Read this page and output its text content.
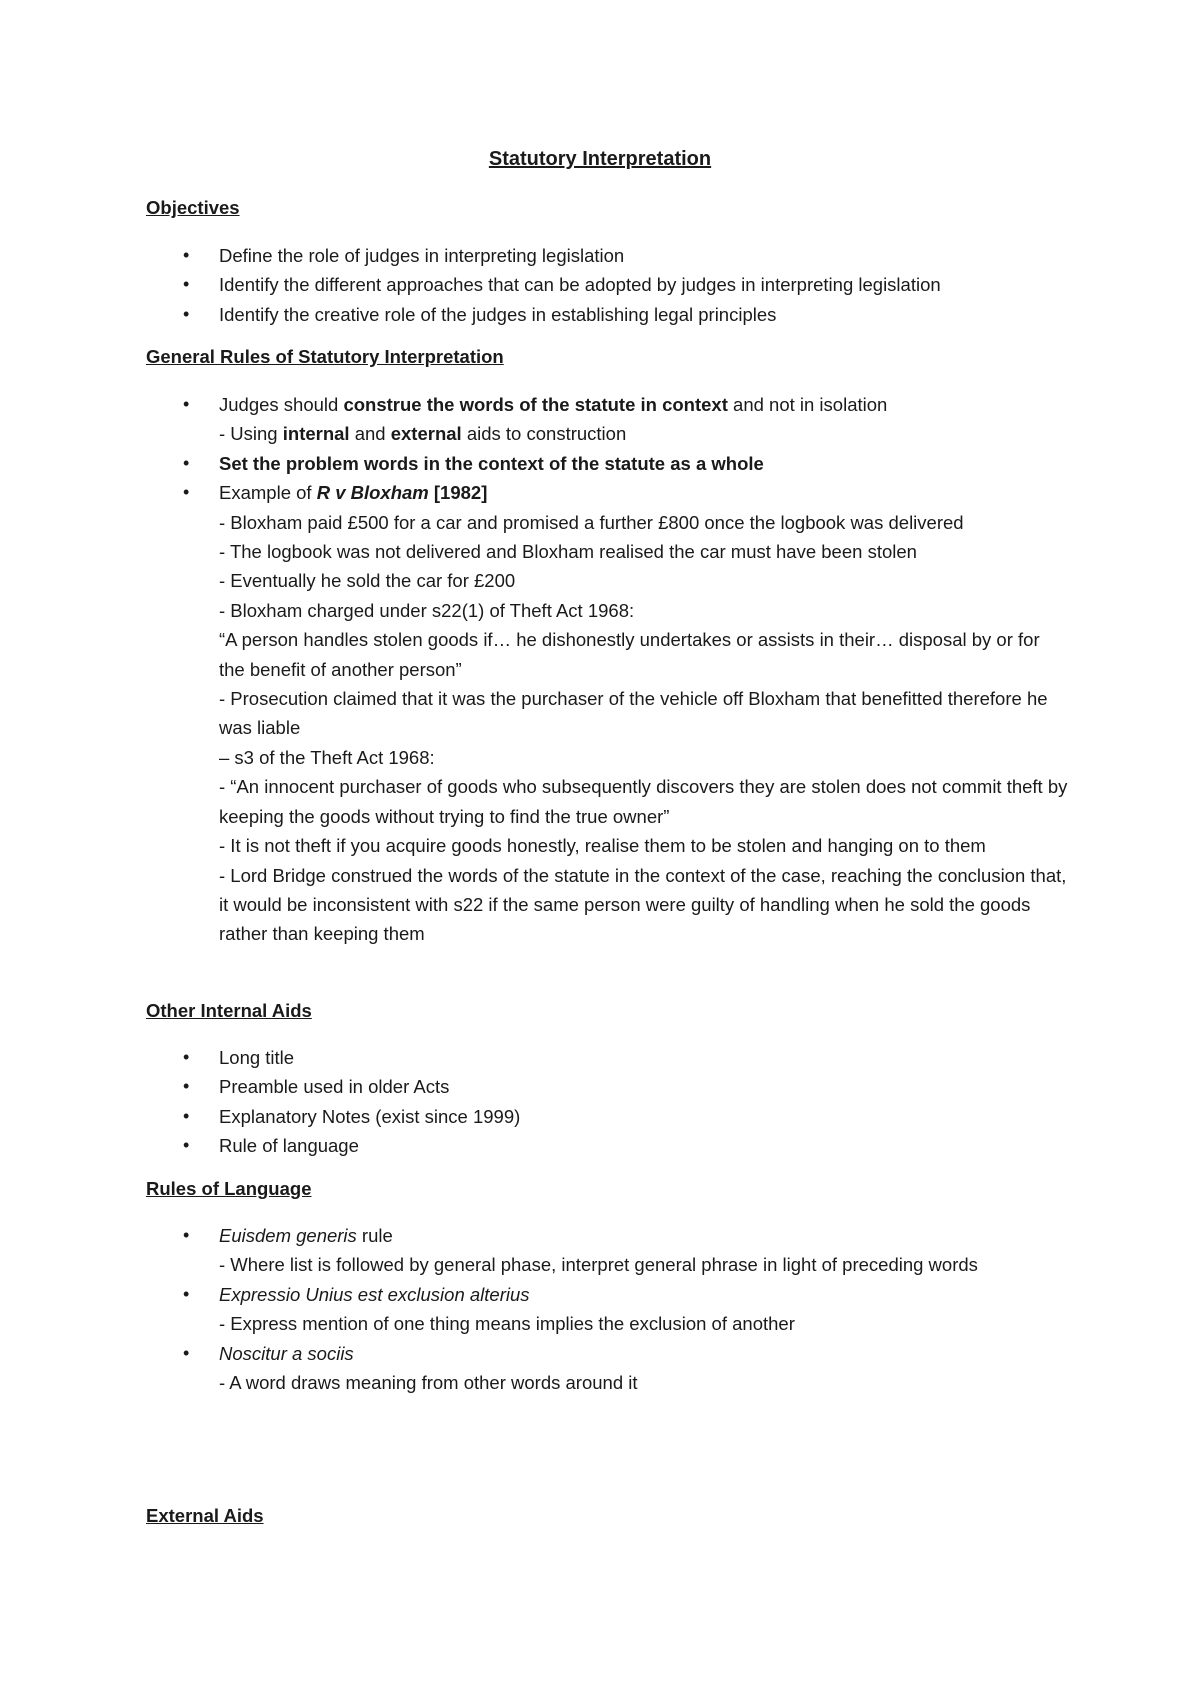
Statutory Interpretation
Objectives
• Define the role of judges in interpreting legislation
• Identify the different approaches that can be adopted by judges in interpreting legislation
• Identify the creative role of the judges in establishing legal principles
General Rules of Statutory Interpretation
• Judges should construe the words of the statute in context and not in isolation
- Using internal and external aids to construction
• Set the problem words in the context of the statute as a whole
• Example of R v Bloxham [1982]
- Bloxham paid £500 for a car and promised a further £800 once the logbook was delivered
- The logbook was not delivered and Bloxham realised the car must have been stolen
- Eventually he sold the car for £200
- Bloxham charged under s22(1) of Theft Act 1968:
“A person handles stolen goods if… he dishonestly undertakes or assists in their… disposal by or for the benefit of another person”
- Prosecution claimed that it was the purchaser of the vehicle off Bloxham that benefitted therefore he was liable
– s3 of the Theft Act 1968:
- “An innocent purchaser of goods who subsequently discovers they are stolen does not commit theft by keeping the goods without trying to find the true owner”
- It is not theft if you acquire goods honestly, realise them to be stolen and hanging on to them
- Lord Bridge construed the words of the statute in the context of the case, reaching the conclusion that, it would be inconsistent with s22 if the same person were guilty of handling when he sold the goods rather than keeping them
Other Internal Aids
• Long title
• Preamble used in older Acts
• Explanatory Notes (exist since 1999)
• Rule of language
Rules of Language
• Euisdem generis rule
- Where list is followed by general phase, interpret general phrase in light of preceding words
• Expressio Unius est exclusion alterius
- Express mention of one thing means implies the exclusion of another
• Noscitur a sociis
- A word draws meaning from other words around it
External Aids
